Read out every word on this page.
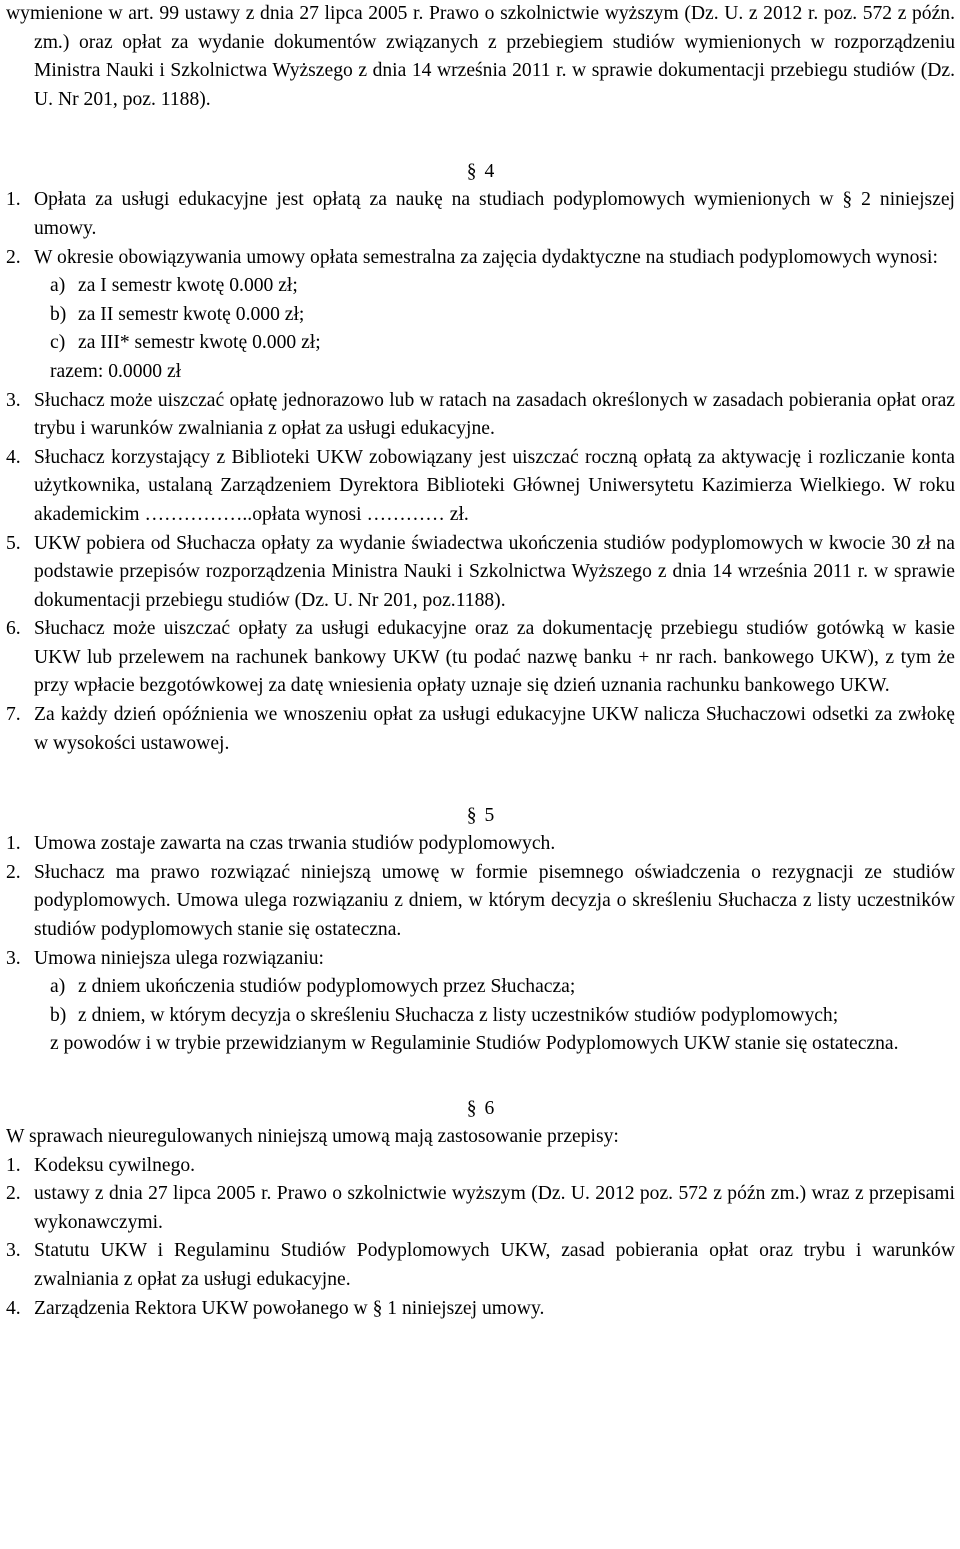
wymienione w art. 99 ustawy z dnia 27 lipca 2005 r. Prawo o szkolnictwie wyższym (Dz. U. z 2012 r. poz. 572 z późn. zm.) oraz opłat za wydanie dokumentów związanych z przebiegiem studiów wymienionych w rozporządzeniu Ministra Nauki i Szkolnictwa Wyższego z dnia 14 września 2011 r. w sprawie dokumentacji przebiegu studiów (Dz. U. Nr 201, poz. 1188).

§ 4
1. Opłata za usługi edukacyjne jest opłatą za naukę na studiach podyplomowych wymienionych w § 2 niniejszej umowy.
2. W okresie obowiązywania umowy opłata semestralna za zajęcia dydaktyczne na studiach podyplomowych wynosi:
a) za I semestr kwotę 0.000 zł;
b) za II semestr kwotę 0.000 zł;
c) za III* semestr kwotę 0.000 zł;

razem: 0.0000 zł

3. Słuchacz może uiszczać opłatę jednorazowo lub w ratach na zasadach określonych w zasadach pobierania opłat oraz trybu i warunków zwalniania z opłat za usługi edukacyjne.
4. Słuchacz korzystający z Biblioteki UKW zobowiązany jest uiszczać roczną opłatą za aktywację i rozliczanie konta użytkownika, ustalaną Zarządzeniem Dyrektora Biblioteki Głównej Uniwersytetu Kazimierza Wielkiego. W roku akademickim ……………..opłata wynosi ………… zł.
5. UKW pobiera od Słuchacza opłaty za wydanie świadectwa ukończenia studiów podyplomowych w kwocie 30 zł na podstawie przepisów rozporządzenia Ministra Nauki i Szkolnictwa Wyższego z dnia 14 września 2011 r. w sprawie dokumentacji przebiegu studiów (Dz. U. Nr 201, poz.1188).
6. Słuchacz może uiszczać opłaty za usługi edukacyjne oraz za dokumentację przebiegu studiów gotówką w kasie UKW lub przelewem na rachunek bankowy UKW (tu podać nazwę banku + nr rach. bankowego UKW), z tym że przy wpłacie bezgotówkowej za datę wniesienia opłaty uznaje się dzień uznania rachunku bankowego UKW.
7. Za każdy dzień opóźnienia we wnoszeniu opłat za usługi edukacyjne UKW nalicza Słuchaczowi odsetki za zwłokę w wysokości ustawowej.
§ 5
1. Umowa zostaje zawarta na czas trwania studiów podyplomowych.
2. Słuchacz ma prawo rozwiązać niniejszą umowę w formie pisemnego oświadczenia o rezygnacji ze studiów podyplomowych. Umowa ulega rozwiązaniu z dniem, w którym decyzja o skreśleniu Słuchacza z listy uczestników studiów podyplomowych stanie się ostateczna.
3. Umowa niniejsza ulega rozwiązaniu:
a) z dniem ukończenia studiów podyplomowych przez Słuchacza;
b) z dniem, w którym decyzja o skreśleniu Słuchacza z listy uczestników studiów podyplomowych;

z powodów i w trybie przewidzianym w Regulaminie Studiów Podyplomowych UKW stanie się ostateczna.

§ 6

W sprawach nieuregulowanych niniejszą umową mają zastosowanie przepisy:

1. Kodeksu cywilnego.
2. ustawy z dnia 27 lipca 2005 r. Prawo o szkolnictwie wyższym (Dz. U. 2012 poz. 572 z późn zm.) wraz z przepisami wykonawczymi.
3. Statutu UKW i Regulaminu Studiów Podyplomowych UKW, zasad pobierania opłat oraz trybu i warunków zwalniania z opłat za usługi edukacyjne.
4. Zarządzenia Rektora UKW powołanego w § 1 niniejszej umowy.
